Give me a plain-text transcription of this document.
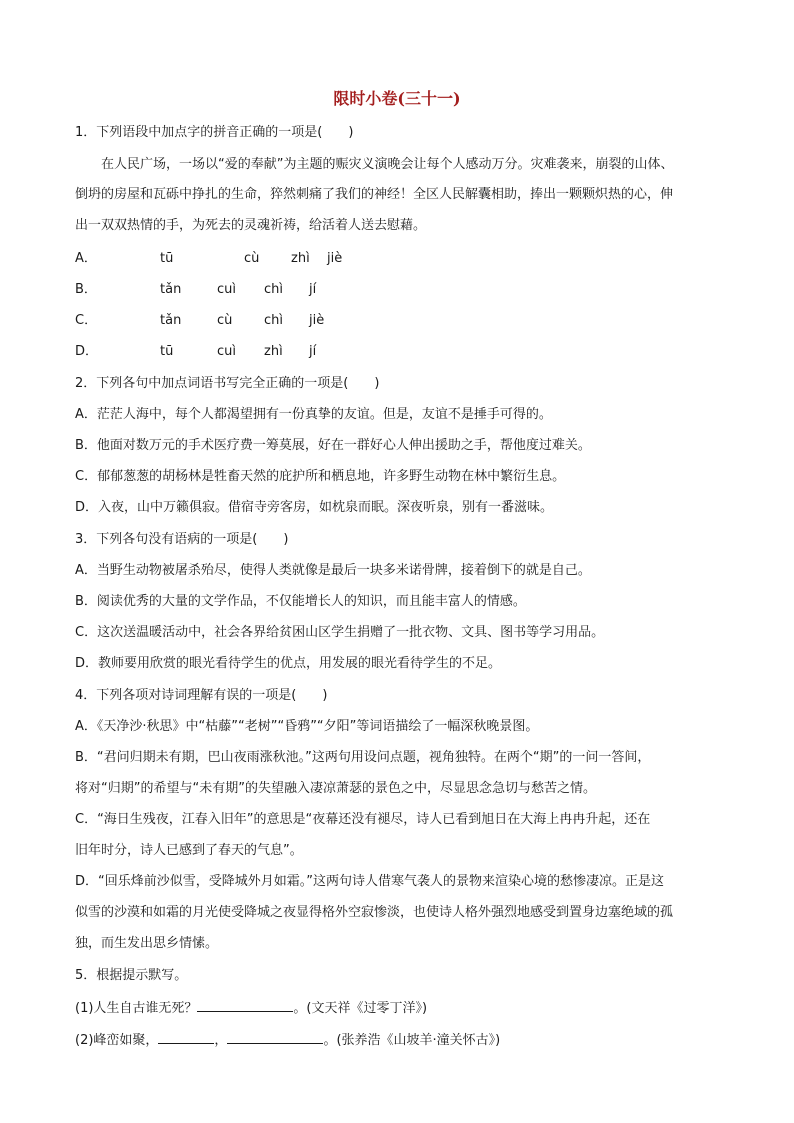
限时小卷(三十一)
1．下列语段中加点字的拼音正确的一项是(　　)
在人民广场，一场以“爱的奉献”为主题的赈灾义演晚会让每个人感动万分。灾难袭来，崩裂的山体、
倒坍的房屋和瓦砾中挣扎的生命，猝然刺痛了我们的神经！全区人民解囊相助，捧出一颗颗炽热的心，伸
出一双双热情的手，为死去的灵魂祈祷，给活着人送去慰藉。
A．	tū	cù zhì jiè
B．	tǎn	cuì chì jí
C．	tǎn	cù chì jiè
D．	tū	cuì zhì jí
2．下列各句中加点词语书写完全正确的一项是(　　)
A．茫茫人海中，每个人都渴望拥有一份真挚的友谊。但是，友谊不是捶手可得的。
B．他面对数万元的手术医疗费一筹莫展，好在一群好心人伸出援助之手，帮他度过难关。
C．郁郁葱葱的胡杨林是牲畜天然的庇护所和栖息地，许多野生动物在林中繁衍生息。
D．入夜，山中万籁俱寂。借宿寺旁客房，如枕泉而眠。深夜听泉，别有一番滋味。
3．下列各句没有语病的一项是(　　)
A．当野生动物被屠杀殆尽，使得人类就像是最后一块多米诺骨牌，接着倒下的就是自己。
B．阅读优秀的大量的文学作品，不仅能增长人的知识，而且能丰富人的情感。
C．这次送温暖活动中，社会各界给贫困山区学生捐赠了一批衣物、文具、图书等学习用品。
D．教师要用欣赏的眼光看待学生的优点，用发展的眼光看待学生的不足。
4．下列各项对诗词理解有误的一项是(　　)
A．《天净沙·秋思》中“枯藤”“老树”“昏鸦”“夕阳”等词语描绘了一幅深秋晚景图。
B．“君问归期未有期，巴山夜雨涨秋池。”这两句用设问点题，视角独特。在两个“期”的一问一答间，
将对“归期”的希望与“未有期”的失望融入凄凉萧瑟的景色之中，尽显思念急切与愁苦之情。
C．“海日生残夜，江春入旧年”的意思是“夜幕还没有褪尽，诗人已看到旭日在大海上冉冉升起，还在
旧年时分，诗人已感到了春天的气息”。
D．“回乐烽前沙似雪，受降城外月如霜。”这两句诗人借寒气袭人的景物来渲染心境的愁惨凄凉。正是这
似雪的沙漠和如霜的月光使受降城之夜显得格外空寂惨淡，也使诗人格外强烈地感受到置身边塞绝域的孤
独，而生发出思乡情愫。
5．根据提示默写。
(1)人生自古谁无死？	。(文天祥《过零丁洋》)
(2)峰峦如聚，	，	。(张养浩《山坡羊·潼关怀古》)
